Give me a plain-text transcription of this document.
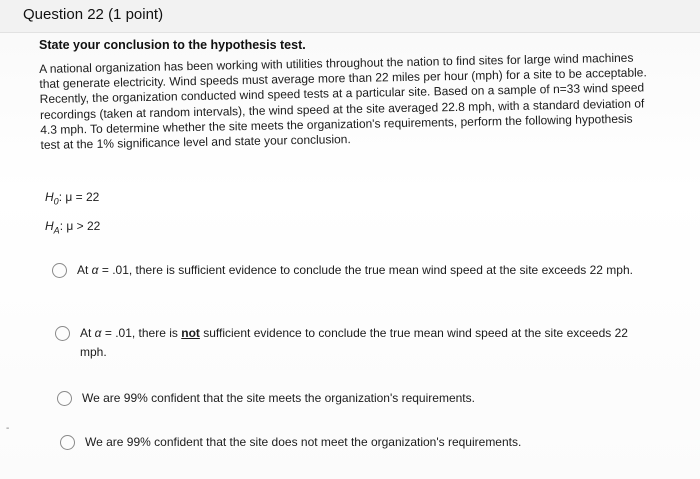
Question 22 (1 point)
State your conclusion to the hypothesis test.
A national organization has been working with utilities throughout the nation to find sites for large wind machines that generate electricity. Wind speeds must average more than 22 miles per hour (mph) for a site to be acceptable. Recently, the organization conducted wind speed tests at a particular site. Based on a sample of n=33 wind speed recordings (taken at random intervals), the wind speed at the site averaged 22.8 mph, with a standard deviation of 4.3 mph. To determine whether the site meets the organization's requirements, perform the following hypothesis test at the 1% significance level and state your conclusion.
$H_0$: μ = 22
$H_A$: μ > 22
At α = .01, there is sufficient evidence to conclude the true mean wind speed at the site exceeds 22 mph.
At α = .01, there is not sufficient evidence to conclude the true mean wind speed at the site exceeds 22 mph.
We are 99% confident that the site meets the organization's requirements.
We are 99% confident that the site does not meet the organization's requirements.
-
